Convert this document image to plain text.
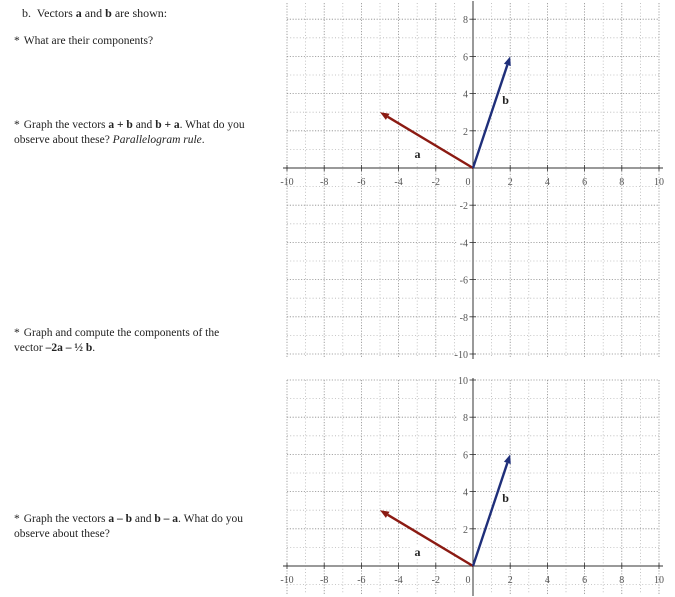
b. Vectors a and b are shown:
* What are their components?
* Graph the vectors a + b and b + a. What do you observe about these? Parallelogram rule.
* Graph and compute the components of the vector –2a – ½ b.
* Graph the vectors a – b and b – a. What do you observe about these?
-10	-8	-6	-4	-2	0	2	4	6	8	10
8
6
4
2
-2
-4
-6
-8
-10
a
b
-10	-8	-6	-4	-2	0	2	4	6	8	10
10
8
6
4
2
a
b
